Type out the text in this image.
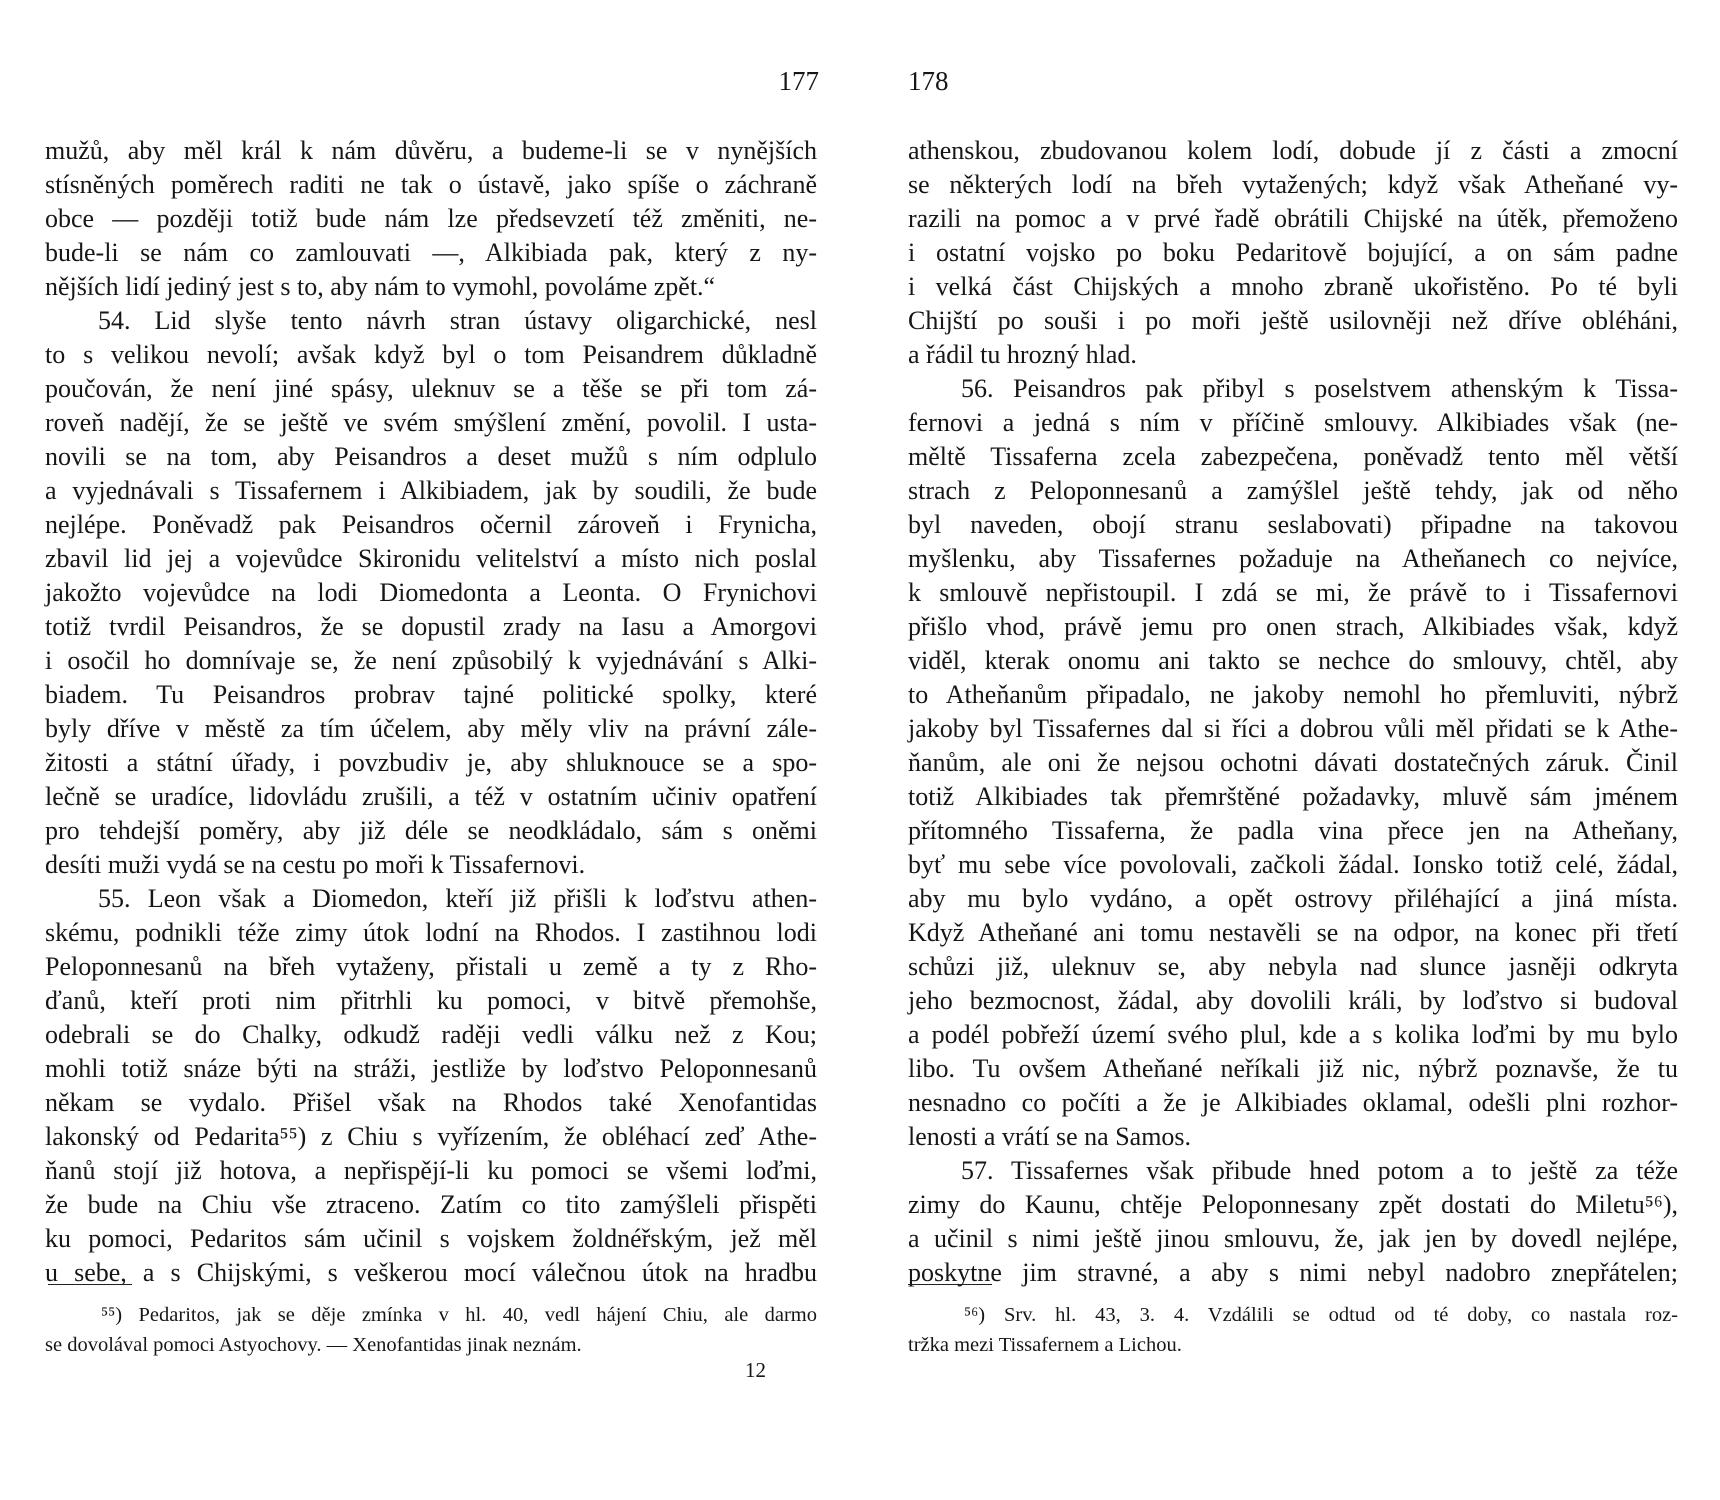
177
mužů, aby měl král k nám důvěru, a budeme-li se v nynějších
stísněných poměrech raditi ne tak o ústavě, jako spíše o záchraně
obce — později totiž bude nám lze předsevzetí též změniti, ne-
bude-li se nám co zamlouvati —, Alkibiada pak, který z ny-
nějších lidí jediný jest s to, aby nám to vymohl, povoláme zpět.“
54. Lid slyše tento návrh stran ústavy oligarchické, nesl
to s velikou nevolí; avšak když byl o tom Peisandrem důkladně
poučován, že není jiné spásy, uleknuv se a těše se při tom zá-
roveň nadějí, že se ještě ve svém smýšlení změní, povolil. I usta-
novili se na tom, aby Peisandros a deset mužů s ním odplulo
a vyjednávali s Tissafernem i Alkibiadem, jak by soudili, že bude
nejlépe. Poněvadž pak Peisandros očernil zároveň i Frynicha,
zbavil lid jej a vojevůdce Skironidu velitelství a místo nich poslal
jakožto vojevůdce na lodi Diomedonta a Leonta. O Frynichovi
totiž tvrdil Peisandros, že se dopustil zrady na Iasu a Amorgovi
i osočil ho domnívaje se, že není způsobilý k vyjednávání s Alki-
biadem. Tu Peisandros probrav tajné politické spolky, které
byly dříve v městě za tím účelem, aby měly vliv na právní zále-
žitosti a státní úřady, i povzbudiv je, aby shluknouce se a spo-
lečně se uradíce, lidovládu zrušili, a též v ostatním učiniv opatření
pro tehdejší poměry, aby již déle se neodkládalo, sám s oněmi
desíti muži vydá se na cestu po moři k Tissafernovi.
55. Leon však a Diomedon, kteří již přišli k loďstvu athen-
skému, podnikli téže zimy útok lodní na Rhodos. I zastihnou lodi
Peloponnesanů na břeh vytaženy, přistali u země a ty z Rho-
ďanů, kteří proti nim přitrhli ku pomoci, v bitvě přemohše,
odebrali se do Chalky, odkudž raději vedli válku než z Kou;
mohli totiž snáze býti na stráži, jestliže by loďstvo Peloponnesanů
někam se vydalo. Přišel však na Rhodos také Xenofantidas
lakonský od Pedarita⁵⁵) z Chiu s vyřízením, že obléhací zeď Athe-
ňanů stojí již hotova, a nepřispějí-li ku pomoci se všemi loďmi,
že bude na Chiu vše ztraceno. Zatím co tito zamýšleli přispěti
ku pomoci, Pedaritos sám učinil s vojskem žoldnéřským, jež měl
u sebe, a s Chijskými, s veškerou mocí válečnou útok na hradbu
⁵⁵) Pedaritos, jak se děje zmínka v hl. 40, vedl hájení Chiu, ale darmo
se dovolával pomoci Astyochovy. — Xenofantidas jinak neznám.
12
178
athenskou, zbudovanou kolem lodí, dobude jí z části a zmocní
se některých lodí na břeh vytažených; když však Atheňané vy-
razili na pomoc a v prvé řadě obrátili Chijské na útěk, přemoženo
i ostatní vojsko po boku Pedaritově bojující, a on sám padne
i velká část Chijských a mnoho zbraně ukořistěno. Po té byli
Chijští po souši i po moři ještě usilovněji než dříve obléháni,
a řádil tu hrozný hlad.
56. Peisandros pak přibyl s poselstvem athenským k Tissa-
fernovi a jedná s ním v příčině smlouvy. Alkibiades však (ne-
měltě Tissaferna zcela zabezpečena, poněvadž tento měl větší
strach z Peloponnesanů a zamýšlel ještě tehdy, jak od něho
byl naveden, obojí stranu seslabovati) připadne na takovou
myšlenku, aby Tissafernes požaduje na Atheňanech co nejvíce,
k smlouvě nepřistoupil. I zdá se mi, že právě to i Tissafernovi
přišlo vhod, právě jemu pro onen strach, Alkibiades však, když
viděl, kterak onomu ani takto se nechce do smlouvy, chtěl, aby
to Atheňanům připadalo, ne jakoby nemohl ho přemluviti, nýbrž
jakoby byl Tissafernes dal si říci a dobrou vůli měl přidati se k Athe-
ňanům, ale oni že nejsou ochotni dávati dostatečných záruk. Činil
totiž Alkibiades tak přemrštěné požadavky, mluvě sám jménem
přítomného Tissaferna, že padla vina přece jen na Atheňany,
byť mu sebe více povolovali, začkoli žádal. Ionsko totiž celé, žádal,
aby mu bylo vydáno, a opět ostrovy přiléhající a jiná místa.
Když Atheňané ani tomu nestavěli se na odpor, na konec při třetí
schůzi již, uleknuv se, aby nebyla nad slunce jasněji odkryta
jeho bezmocnost, žádal, aby dovolili králi, by loďstvo si budoval
a podél pobřeží území svého plul, kde a s kolika loďmi by mu bylo
libo. Tu ovšem Atheňané neříkali již nic, nýbrž poznavše, že tu
nesnadno co počíti a že je Alkibiades oklamal, odešli plni rozhor-
lenosti a vrátí se na Samos.
57. Tissafernes však přibude hned potom a to ještě za téže
zimy do Kaunu, chtěje Peloponnesany zpět dostati do Miletu⁵⁶),
a učinil s nimi ještě jinou smlouvu, že, jak jen by dovedl nejlépe,
poskytne jim stravné, a aby s nimi nebyl nadobro znepřátelen;
⁵⁶) Srv. hl. 43, 3. 4. Vzdálili se odtud od té doby, co nastala roz-
tržka mezi Tissafernem a Lichou.
